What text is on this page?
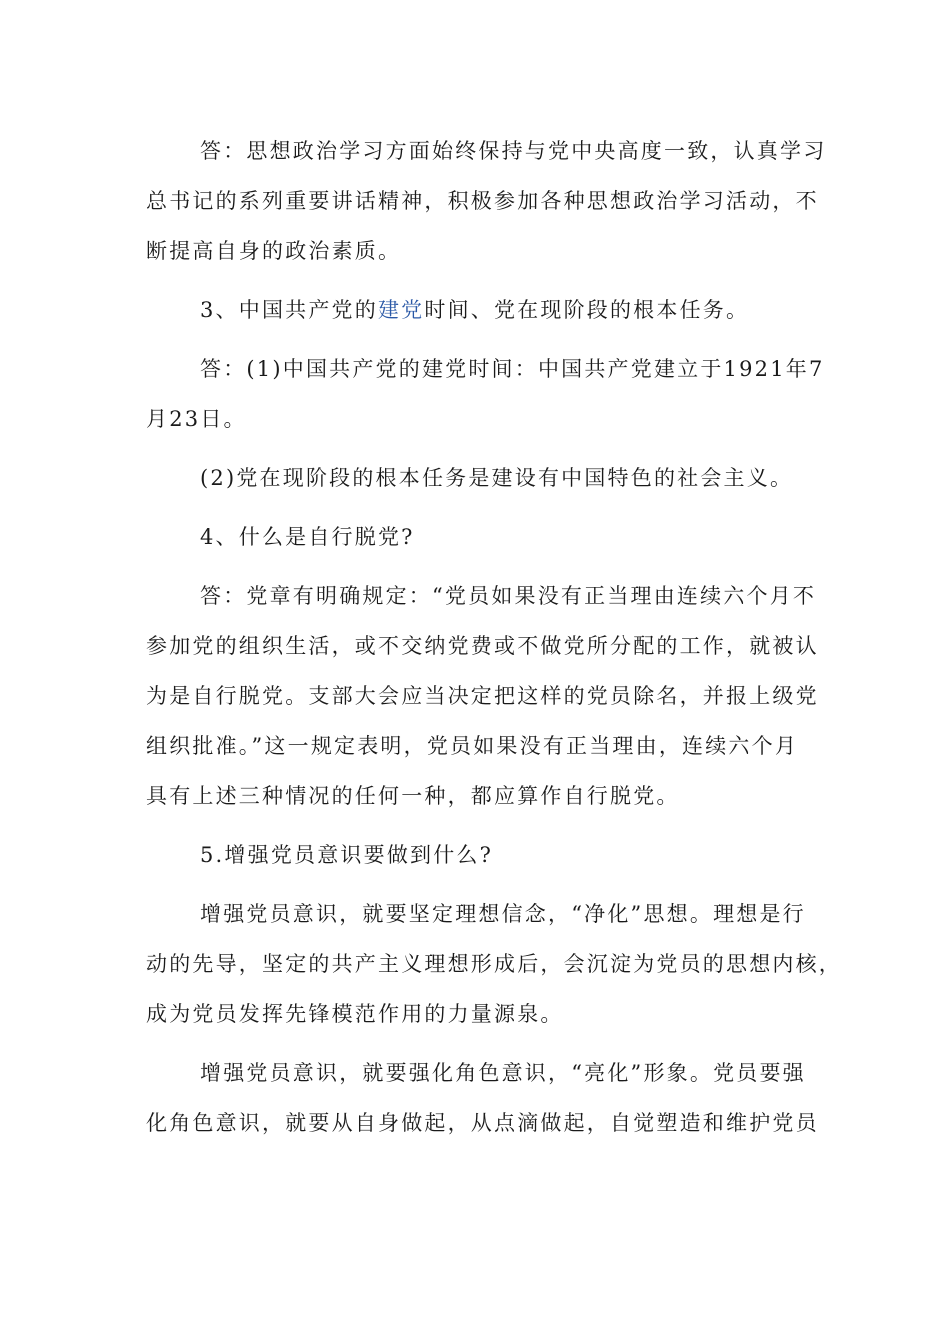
答：思想政治学习方面始终保持与党中央高度一致，认真学习
总书记的系列重要讲话精神，积极参加各种思想政治学习活动，不
断提高自身的政治素质。
3、中国共产党的建党时间、党在现阶段的根本任务。
答：(1)中国共产党的建党时间：中国共产党建立于1921年7
月23日。
(2)党在现阶段的根本任务是建设有中国特色的社会主义。
4、什么是自行脱党?
答：党章有明确规定：“党员如果没有正当理由连续六个月不
参加党的组织生活，或不交纳党费或不做党所分配的工作，就被认
为是自行脱党。支部大会应当决定把这样的党员除名，并报上级党
组织批准。”这一规定表明，党员如果没有正当理由，连续六个月
具有上述三种情况的任何一种，都应算作自行脱党。
5.增强党员意识要做到什么?
增强党员意识，就要坚定理想信念，“净化”思想。理想是行
动的先导，坚定的共产主义理想形成后，会沉淀为党员的思想内核，
成为党员发挥先锋模范作用的力量源泉。
增强党员意识，就要强化角色意识，“亮化”形象。党员要强
化角色意识，就要从自身做起，从点滴做起，自觉塑造和维护党员
